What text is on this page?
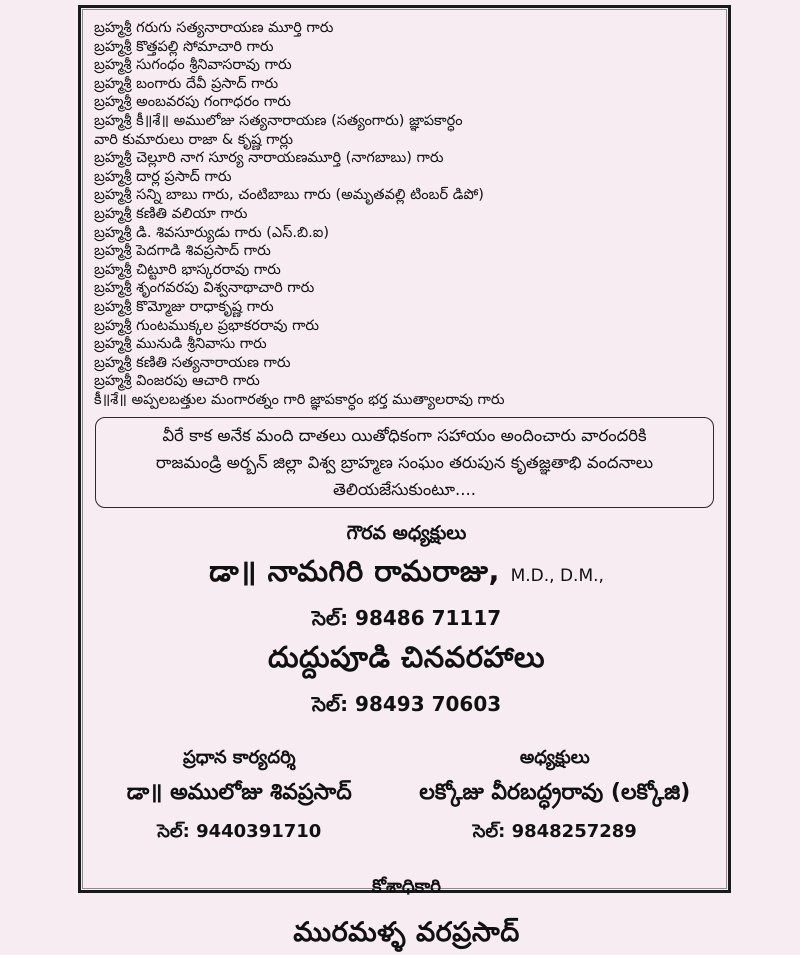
బ్రహ్మశ్రీ గరుగు సత్యనారాయణ మూర్తి గారు
బ్రహ్మశ్రీ కొత్తపల్లి సోమాచారి గారు
బ్రహ్మశ్రీ సుగంధం శ్రీనివాసరావు గారు
బ్రహ్మశ్రీ బంగారు దేవీ ప్రసాద్ గారు
బ్రహ్మశ్రీ అంబవరపు గంగాధరం గారు
బ్రహ్మశ్రీ కీ॥శే॥ అములోజు సత్యనారాయణ (సత్యంగారు) జ్ఞాపకార్ధం
వారి కుమారులు రాజా & కృష్ణ గార్లు
బ్రహ్మశ్రీ చెల్లూరి నాగ సూర్య నారాయణమూర్తి (నాగబాబు) గారు
బ్రహ్మశ్రీ దార్ల ప్రసాద్ గారు
బ్రహ్మశ్రీ సన్ని బాబు గారు, చంటిబాబు గారు (అమృతవల్లి టింబర్ డిపో)
బ్రహ్మశ్రీ కణితి వలియా గారు
బ్రహ్మశ్రీ డి. శివసూర్యుడు గారు (ఎస్.బి.ఐ)
బ్రహ్మశ్రీ పెదగాడి శివప్రసాద్ గారు
బ్రహ్మశ్రీ చిట్టూరి భాస్కరరావు గారు
బ్రహ్మశ్రీ శృంగవరపు విశ్వనాథాచారి గారు
బ్రహ్మశ్రీ కొమ్మోజు రాధాకృష్ణ గారు
బ్రహ్మశ్రీ గుంటముక్కల ప్రభాకరరావు గారు
బ్రహ్మశ్రీ మునుడి శ్రీనివాసు గారు
బ్రహ్మశ్రీ కణితి సత్యనారాయణ గారు
బ్రహ్మశ్రీ వింజరపు ఆచారి గారు
కీ॥శే॥ అప్పలబత్తుల మంగారత్నం గారి జ్ఞాపకార్ధం భర్త ముత్యాలరావు గారు
వీరే కాక అనేక మంది దాతలు యితోధికంగా సహాయం అందించారు వారందరికి
రాజమండ్రి అర్బన్ జిల్లా విశ్వ బ్రాహ్మణ సంఘం తరుపున కృతజ్ఞతాభి వందనాలు తెలియజేసుకుంటూ....
గౌరవ అధ్యక్షులు
డా॥ నామగిరి రామరాజు, M.D., D.M.,
సెల్: 98486 71117
దుద్దుపూడి చినవరహాలు
సెల్: 98493 70603
ప్రధాన కార్యదర్శి
డా॥ అములోజు శివప్రసాద్
సెల్: 9440391710
అధ్యక్షులు
లక్కోజు వీరబద్ధ్రరావు (లక్కోజి)
సెల్: 9848257289
కోశాధికారి
మురమళ్ళ వరప్రసాద్
